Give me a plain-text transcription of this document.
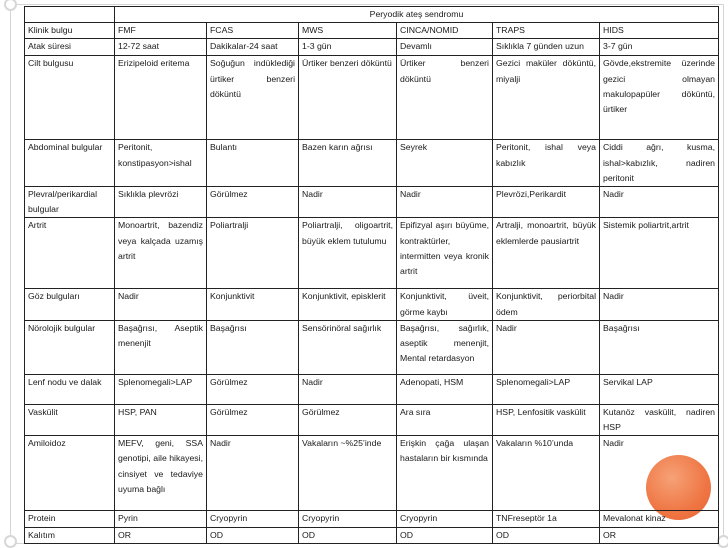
	Peryodik ateş sendromu					
Klinik bulgu	FMF	FCAS	MWS	CINCA/NOMID	TRAPS	HIDS
Atak süresi	12-72 saat	Dakikalar-24 saat	1-3 gün	Devamlı	Sıklıkla 7 günden uzun	3-7 gün
Cilt bulgusu	Erizipeloid eritema	Soğuğun indüklediği ürtiker benzeri döküntü	Ürtiker benzeri döküntü	Ürtiker benzeri döküntü	Gezici maküler döküntü, miyalji	Gövde,ekstremite üzerinde gezici olmayan makulopapüler döküntü, ürtiker
Abdominal bulgular	Peritonit, konstipasyon>ishal	Bulantı	Bazen karın ağrısı	Seyrek	Peritonit, ishal veya kabızlık	Ciddi ağrı, kusma, ishal>kabızlık, nadiren peritonit
Plevral/perikardial bulgular	Sıklıkla plevrözi	Görülmez	Nadir	Nadir	Plevrözi,Perikardit	Nadir
Artrit	Monoartrit, bazendiz veya kalçada uzamış artrit	Poliartralji	Poliartralji, oligoartrit, büyük eklem tutulumu	Epifizyal aşırı büyüme, kontraktürler, intermitten veya kronik artrit	Artralji, monoartrit, büyük eklemlerde pausiartrit	Sistemik poliartrit,artrit
Göz bulguları	Nadir	Konjunktivit	Konjunktivit, episklerit	Konjunktivit, üveit, görme kaybı	Konjunktivit, periorbital ödem	Nadir
Nörolojik bulgular	Başağrısı, Aseptik menenjit	Başağrısı	Sensörinöral sağırlık	Başağrısı, sağırlık, aseptik menenjit, Mental retardasyon	Nadir	Başağrısı
Lenf nodu ve dalak	Splenomegali>LAP	Görülmez	Nadir	Adenopati, HSM	Splenomegali>LAP	Servikal LAP
Vaskülit	HSP, PAN	Görülmez	Görülmez	Ara sıra	HSP, Lenfositik vaskülit	Kutanöz vaskülit, nadiren HSP
Amiloidoz	MEFV, geni, SSA genotipi, aile hikayesi, cinsiyet ve tedaviye uyuma bağlı	Nadir	Vakaların ~%25’inde	Erişkin çağa ulaşan hastaların bir kısmında	Vakaların %10’unda	Nadir
Protein	Pyrin	Cryopyrin	Cryopyrin	Cryopyrin	TNFreseptör 1a	Mevalonat kinaz
Kalıtım	OR	OD	OD	OD	OD	OR
